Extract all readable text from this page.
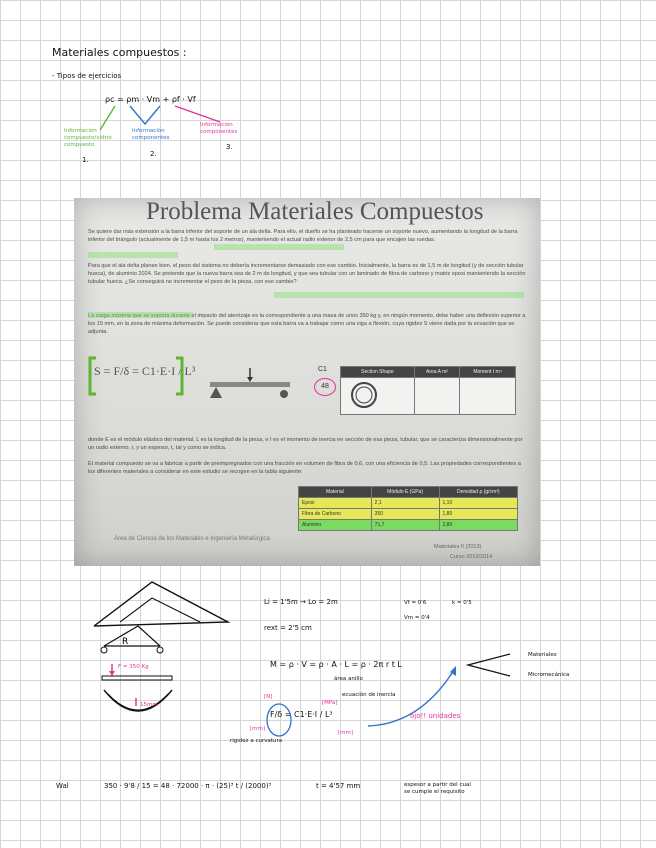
Materiales compuestos :
- Tipos de ejercicios
ρc = ρm · Vm + ρf · Vf
Información compuesto/vidrio compuesto
Información componentes
Información componentes
1.
2.
3.
Problema Materiales Compuestos
Se quiere dar más extensión a la barra inferior del soporte de un ala delta. Para ello, el dueño se ha planteado hacerse un soporte nuevo, aumentando la longitud de la barra inferior del triángulo (actualmente de 1,5 m hasta los 2 metros), manteniendo el actual radio exterior de 2,5 cm para que encajen las ruedas.
Para que el ala delta planee bien, el peso del sistema no debería incrementarse demasiado con ese cambio. Inicialmente, la barra es de 1,5 m de longitud (y de sección tubular hueca), de aluminio 2024. Se pretende que la nueva barra sea de 2 m de longitud, y que sea tubular con un laminado de fibra de carbono y matriz epoxi manteniendo la sección tubular hueca. ¿Se conseguirá no incrementar el peso de la pieza, con ese cambio?
La carga máxima que se soporta durante el impacto del aterrizaje es la correspondiente a una masa de unos 350 kg y, en ningún momento, debe haber una deflexión superior a los 15 mm, en la zona de máxima deformación. Se puede considerar que esta barra va a trabajar como una viga a flexión, cuya rigidez S viene dada por la ecuación que se adjunta.
S = F/δ = C1·E·I / L³	C1
48
Section Shape	Area A m²	Moment I m⁴

donde E es el módulo elástico del material, L es la longitud de la pieza, e I es el momento de inercia en sección de esa pieza, tubular, que se caracteriza dimensionalmente por un radio externo, r, y un espesor, t, tal y como se indica.
El material compuesto se va a fabricar a partir de preimpregnados con una fracción en volumen de fibra de 0,6, con una eficiencia de 0,5. Las propiedades correspondientes a los diferentes materiales a considerar en este estudio se recogen en la tabla siguiente:
Material	Módulo E (GPa)	Densidad ρ (g/cm³)
Epoxi	2,1	1,10
Fibra de Carbono	350	1,80
Aluminio	71,7	2,80
Área de Ciencia de los Materiales e Ingeniería Metalúrgica
Materiales II (2013)
Curso 2013/2014
R
F = 350 Kg
15mm
Li = 1'5m → Lo = 2m	Vf = 0'6	k = 0'5
Vm = 0'4
rext = 2'5 cm
M = ρ · V = ρ · A · L = ρ · 2π r t L
área anillo
Materiales
Micromecánica
[N]
[MPa]
ecuación de inercia
F/δ = C1·E·I / L³
[mm]
[mm]
ojo!! unidades
rigidez a curvatura
Wal	350 · 9'8 / 15 = 48 · 72000 · π · (25)³ t / (2000)³	t = 4'57 mm	espesor a partir del cual se cumple el requisito
